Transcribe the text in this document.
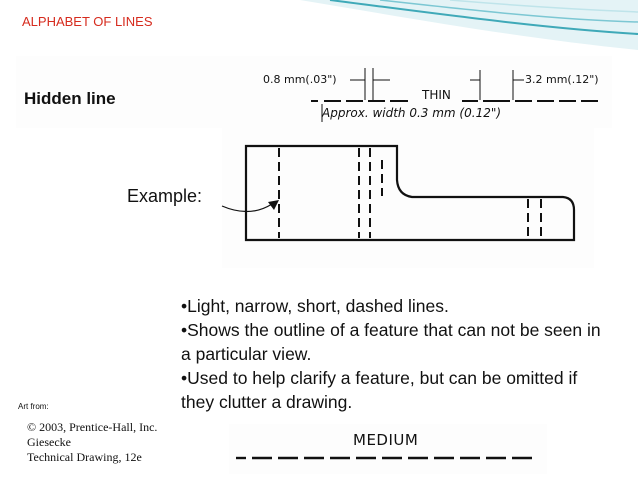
ALPHABET OF LINES
Hidden line
0.8 mm(.03")	3.2 mm(.12")
THIN
Approx. width 0.3 mm (0.12")
Example:
•Light, narrow, short, dashed lines.
•Shows the outline of a feature that can not be seen in a particular view.
•Used to help clarify a feature, but can be omitted if they clutter a drawing.
Art from:
© 2003, Prentice-Hall, Inc.
Giesecke
Technical Drawing, 12e
MEDIUM
